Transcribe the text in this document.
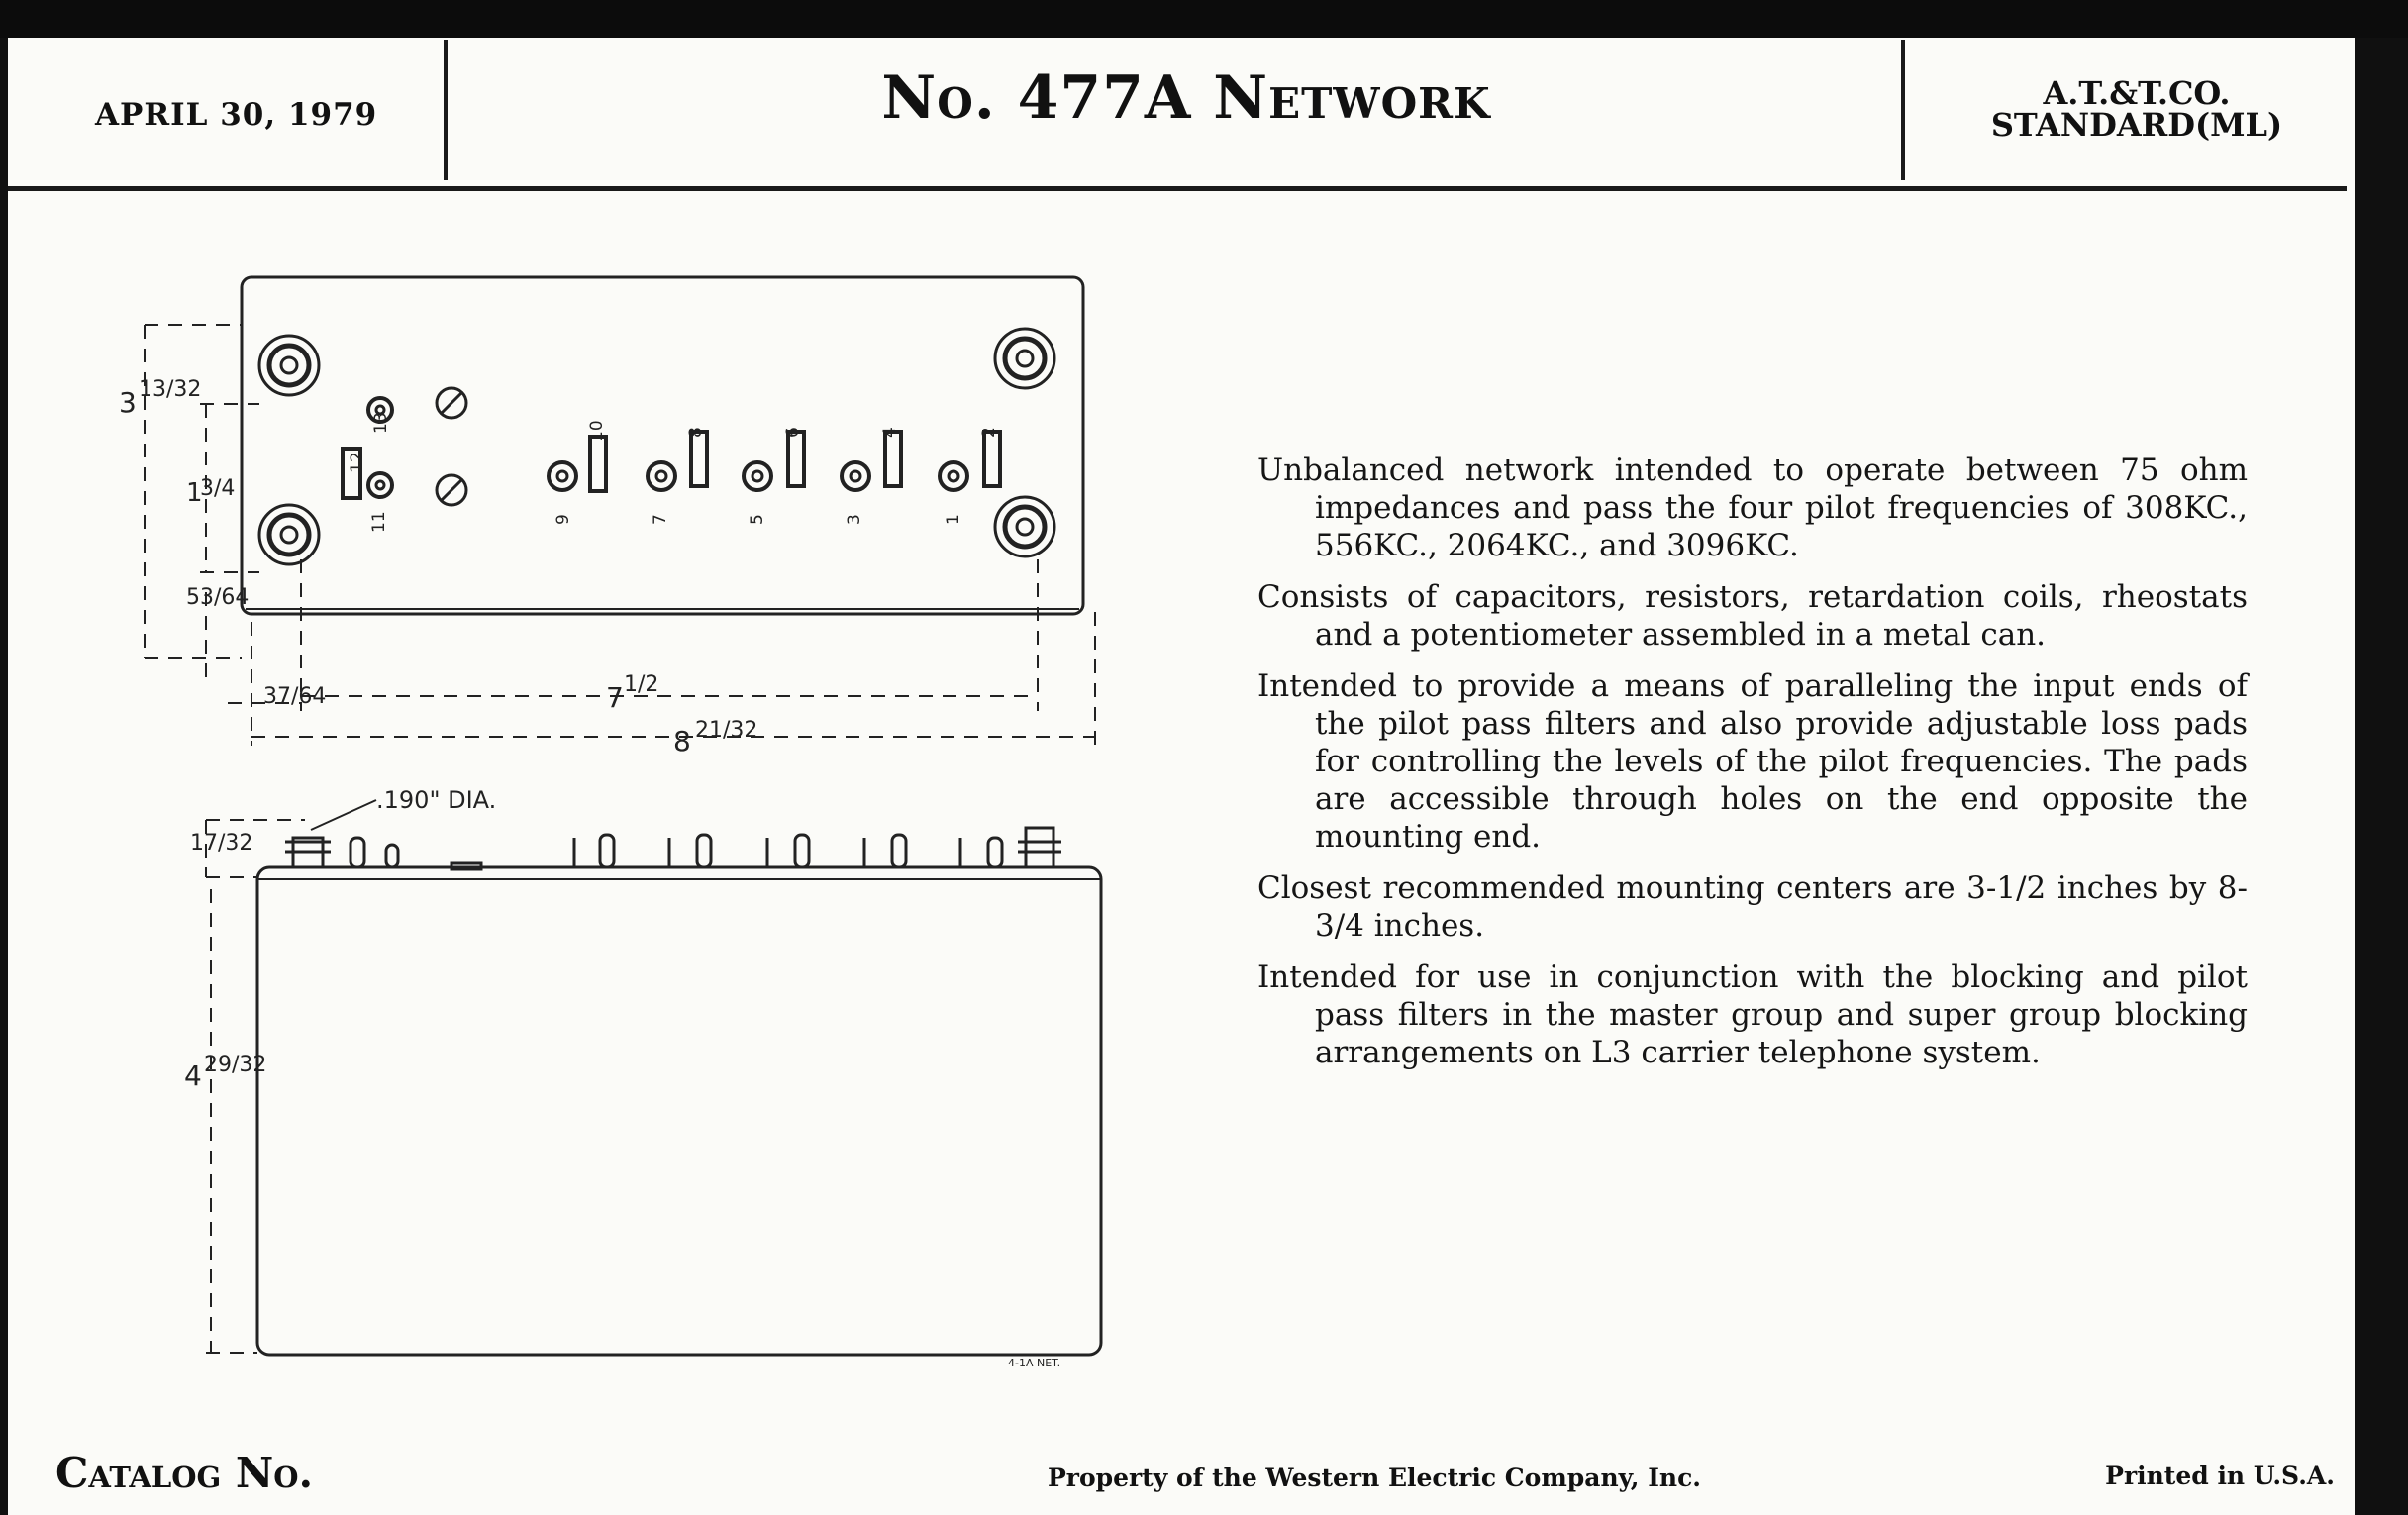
APRIL 30, 1979	No. 477A Network	A.T.&T.CO.
STANDARD(ML)
3 13/32
1
3/4
53/64
37/64	7 1/2
8 21/32
.190" DIA.
17/32
4 29/32
4-1A NET.
13
12
11
10
9
8
7
6
5
4
3
2
1

Unbalanced network intended to operate between 75 ohm impedances and pass the four pilot frequencies of 308KC., 556KC., 2064KC., and 3096KC.

Consists of capacitors, resistors, retardation coils, rheostats and a potentiometer assembled in a metal can.

Intended to provide a means of paralleling the input ends of the pilot pass filters and also provide adjustable loss pads for controlling the levels of the pilot frequencies. The pads are accessible through holes on the end opposite the mounting end.

Closest recommended mounting centers are 3-1/2 inches by 8-3/4 inches.

Intended for use in conjunction with the blocking and pilot pass filters in the master group and super group blocking arrangements on L3 carrier telephone system.

Catalog No.	Property of the Western Electric Company, Inc.	Printed in U.S.A.
